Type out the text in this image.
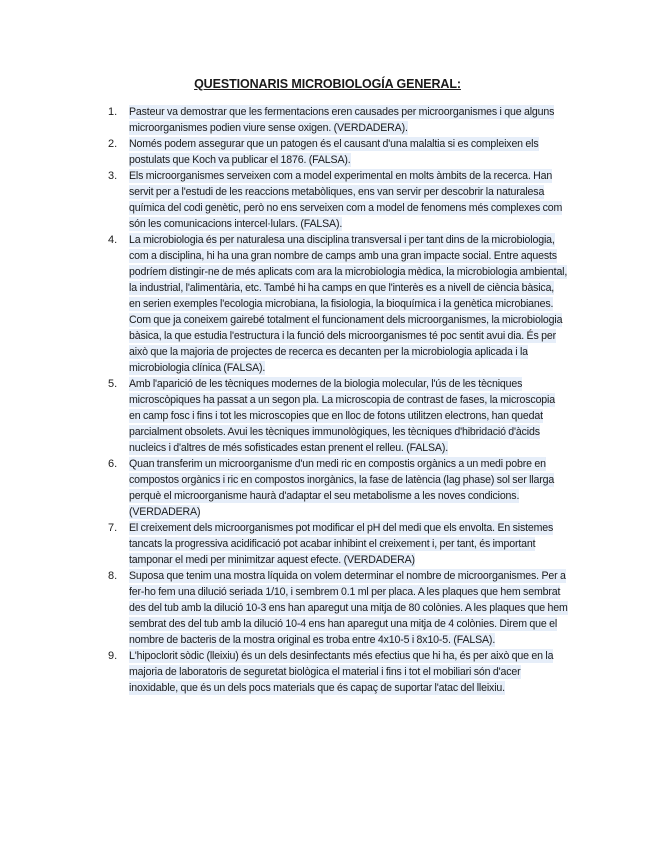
QUESTIONARIS MICROBIOLOGÍA GENERAL:
1.	Pasteur va demostrar que les fermentacions eren causades per microorganismes i que alguns microorganismes podien viure sense oxigen. (VERDADERA).
2.	Només podem assegurar que un patogen és el causant d'una malaltia si es compleixen els postulats que Koch va publicar el 1876. (FALSA).
3.	Els microorganismes serveixen com a model experimental en molts àmbits de la recerca. Han servit per a l'estudi de les reaccions metabòliques, ens van servir per descobrir la naturalesa química del codi genètic, però no ens serveixen com a model de fenomens més complexes com són les comunicacions intercel·lulars. (FALSA).
4.	La microbiologia és per naturalesa una disciplina transversal i per tant dins de la microbiologia, com a disciplina, hi ha una gran nombre de camps amb una gran impacte social. Entre aquests podríem distingir-ne de més aplicats com ara la microbiologia mèdica, la microbiologia ambiental, la industrial, l'alimentària, etc. També hi ha camps en que l'interès es a nivell de ciència bàsica, en serien exemples l'ecologia microbiana, la fisiologia, la bioquímica i la genètica microbianes. Com que ja coneixem gairebé totalment el funcionament dels microorganismes, la microbiologia bàsica, la que estudia l'estructura i la funció dels microorganismes té poc sentit avui dia. És per això que la majoria de projectes de recerca es decanten per la microbiologia aplicada i la microbiologia clínica (FALSA).
5.	Amb l'aparició de les tècniques modernes de la biologia molecular, l'ús de les tècniques microscòpiques ha passat a un segon pla. La microscopia de contrast de fases, la microscopia en camp fosc i fins i tot les microscopies que en lloc de fotons utilitzen electrons, han quedat parcialment obsolets. Avui les tècniques immunològiques, les tècniques d'hibridació d'àcids nucleics i d'altres de més sofisticades estan prenent el relleu. (FALSA).
6.	Quan transferim un microorganisme d'un medi ric en compostis orgànics a un medi pobre en compostos orgànics i ric en compostos inorgànics, la fase de latència (lag phase) sol ser llarga perquè el microorganisme haurà d'adaptar el seu metabolisme a les noves condicions. (VERDADERA)
7.	El creixement dels microorganismes pot modificar el pH del medi que els envolta. En sistemes tancats la progressiva acidificació pot acabar inhibint el creixement i, per tant, és important tamponar el medi per minimitzar aquest efecte. (VERDADERA)
8.	Suposa que tenim una mostra líquida on volem determinar el nombre de microorganismes. Per a fer-ho fem una dilució seriada 1/10, i sembrem 0.1 ml per placa. A les plaques que hem sembrat des del tub amb la dilució 10-3 ens han aparegut una mitja de 80 colònies. A les plaques que hem sembrat des del tub amb la dilució 10-4 ens han aparegut una mitja de 4 colònies. Direm que el nombre de bacteris de la mostra original es troba entre 4x10-5 i 8x10-5. (FALSA).
9.	L'hipoclorit sòdic (lleixiu) és un dels desinfectants més efectius que hi ha, és per això que en la majoria de laboratoris de seguretat biològica el material i fins i tot el mobiliari són d'acer inoxidable, que és un dels pocs materials que és capaç de suportar l'atac del lleixiu.
